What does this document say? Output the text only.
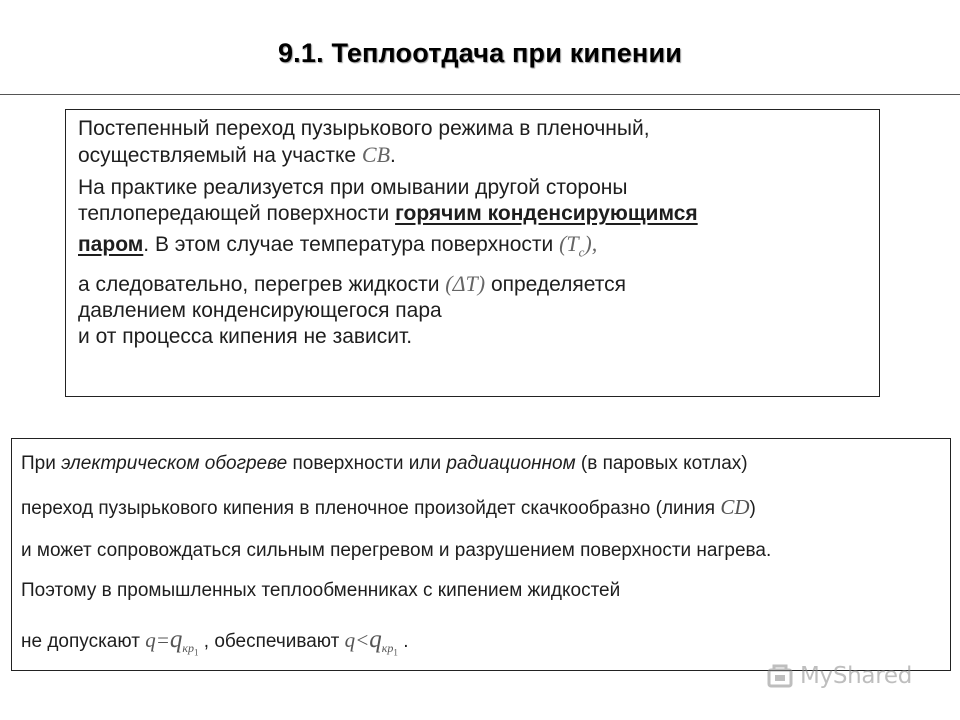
9.1. Теплоотдача при кипении
Постепенный переход пузырькового режима в пленочный,
осуществляемый на участке CB.
На практике реализуется при омывании другой стороны
теплопередающей поверхности горячим конденсирующимся
паром. В этом случае температура поверхности $(T_c)$,
а следовательно, перегрев жидкости (ΔT) определяется
давлением конденсирующегося пара
и от процесса кипения не зависит.
При электрическом обогреве поверхности или радиационном (в паровых котлах)
переход пузырькового кипения в пленочное произойдет скачкообразно (линия CD)
и может сопровождаться сильным перегревом и разрушением поверхности нагрева.
Поэтому в промышленных теплообменниках с кипением жидкостей
не допускают $q=q_{кр_1}$ , обеспечивают $q<q_{кр_1}$ .
MyShared
